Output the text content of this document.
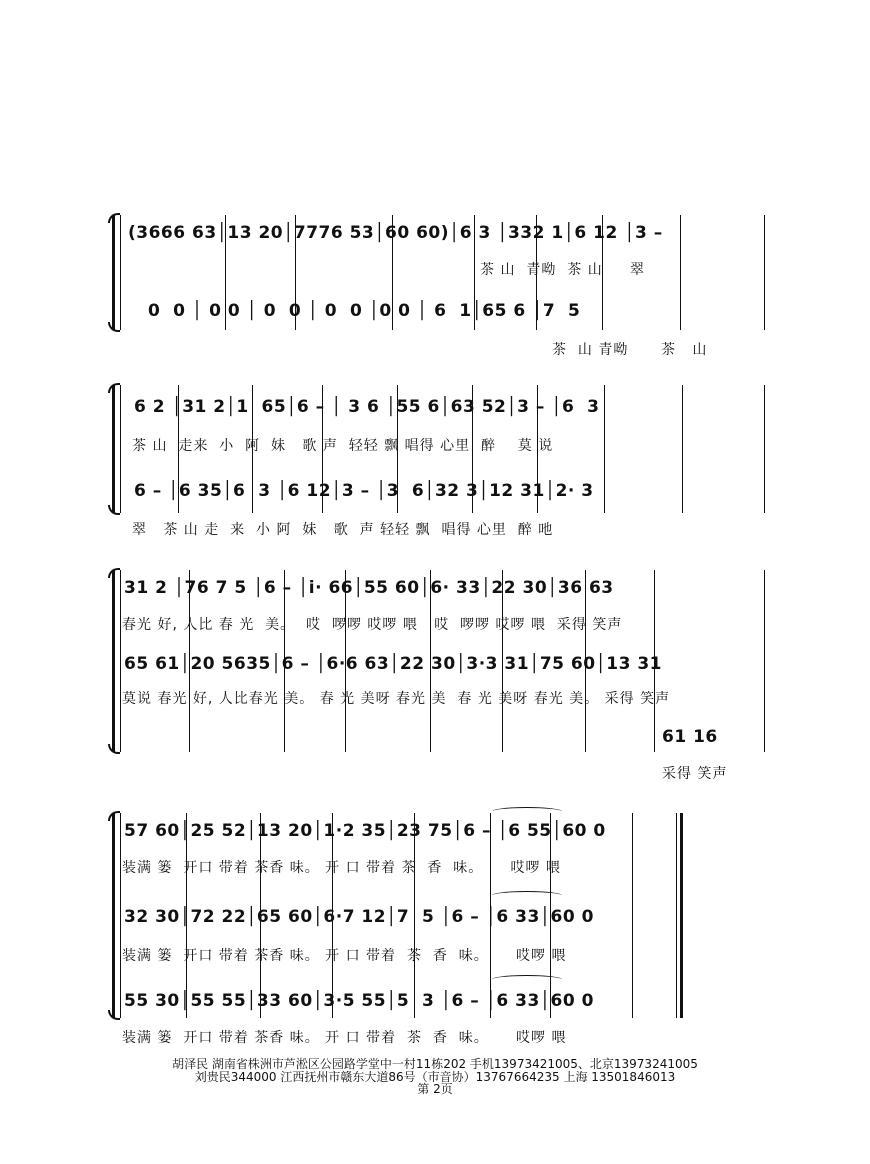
(3666 63│13 20│7776 53│60 60)│6 3 │332 1│6 12 │3 –
茶 山  青呦  茶 山     翠
0  0 │ 0 0 │ 0  0 │ 0  0 │0 0 │ 6  1│65 6 │7  5
茶  山 青呦      茶   山
6 2 │31 2│1  65│6 – │ 3 6 │55 6│63 52│3 – │6  3
茶 山  走来  小  阿  妹   歌 声  轻轻 飘 唱得 心里  醉    莫 说
6 – │6 35│6  3 │6 12│3 – │3  6│32 3│12 31│2· 3
翠   茶 山 走  来  小 阿  妹   歌  声 轻轻 飘  唱得 心里  醉 吔
31 2 │76 7 5 │6 – │i· 66│55 60│6· 33│22 30│36 63
春光 好, 人比 春 光  美。  哎  啰啰 哎啰 喂   哎  啰啰 哎啰 喂  采得 笑声
65 61│20 5635│6 – │6·6 63│22 30│3·3 31│75 60│13 31
莫说 春光 好, 人比春光 美。 春 光 美呀 春光 美  春 光 美呀 春光 美。 采得 笑声
61 16
采得 笑声
57 60│25 52│13 20│1·2 35│23 75│6 – │6 55│60 0
装满 篓  开口 带着 茶香 味。 开 口 带着 茶  香  味。     哎啰 喂
32 30│72 22│65 60│6·7 12│7  5 │6 – │6 33│60 0
装满 篓  开口 带着 茶香 味。 开 口 带着  茶  香  味。     哎啰 喂
55 30│55 55│33 60│3·5 55│5  3 │6 – │6 33│60 0
装满 篓  开口 带着 茶香 味。 开 口 带着  茶  香  味。     哎啰 喂
胡泽民 湖南省株洲市芦淞区公园路学堂中一村11栋202 手机13973421005、北京13973241005
刘贵民344000 江西抚州市赣东大道86号（市音协）13767664235 上海 13501846013
第 2页
